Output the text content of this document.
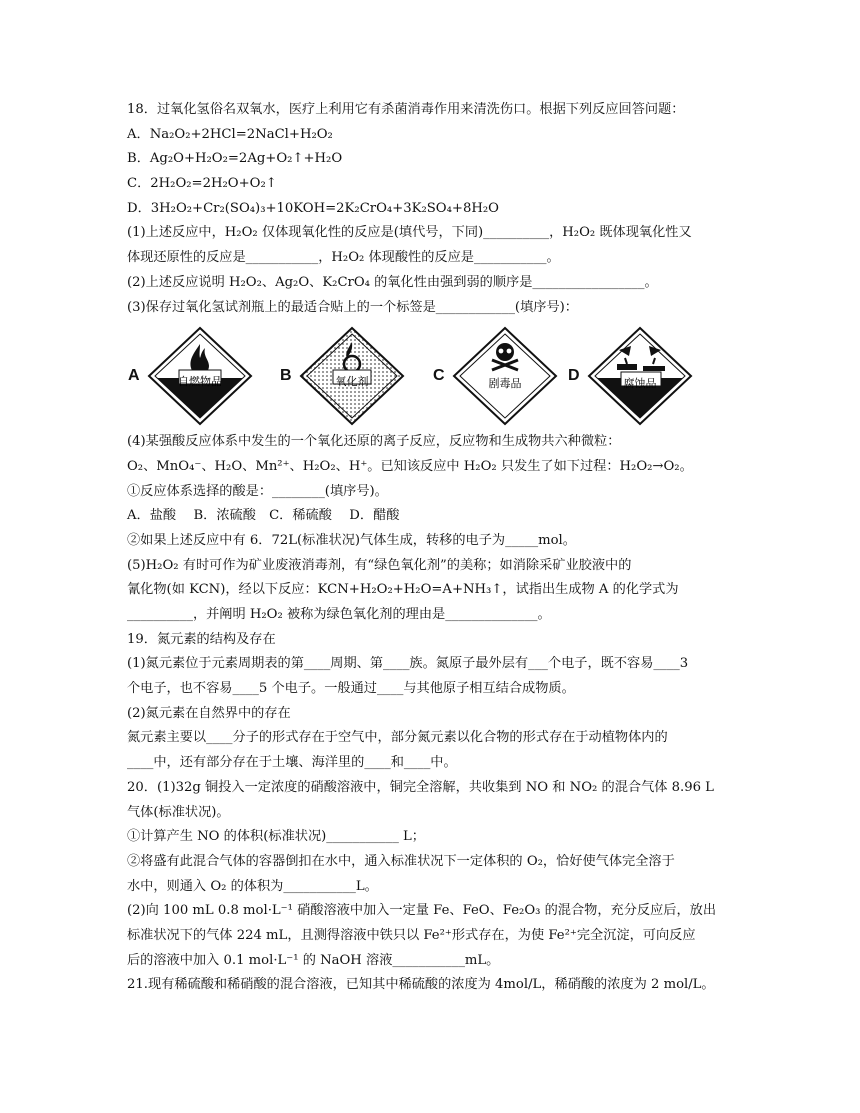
18．过氧化氢俗名双氧水，医疗上利用它有杀菌消毒作用来清洗伤口。根据下列反应回答问题：
A．Na₂O₂+2HCl=2NaCl+H₂O₂
B．Ag₂O+H₂O₂=2Ag+O₂↑+H₂O
C．2H₂O₂=2H₂O+O₂↑
D．3H₂O₂+Cr₂(SO₄)₃+10KOH=2K₂CrO₄+3K₂SO₄+8H₂O
(1)上述反应中，H₂O₂ 仅体现氧化性的反应是(填代号，下同)__________，H₂O₂ 既体现氧化性又
体现还原性的反应是___________，H₂O₂ 体现酸性的反应是___________。
(2)上述反应说明 H₂O₂、Ag₂O、K₂CrO₄ 的氧化性由强到弱的顺序是_________________。
(3)保存过氧化氢试剂瓶上的最适合贴上的一个标签是____________(填序号)：
A	自燃物品	B	氧化剂	C	剧毒品	D	腐蚀品
(4)某强酸反应体系中发生的一个氧化还原的离子反应，反应物和生成物共六种微粒：
O₂、MnO₄⁻、H₂O、Mn²⁺、H₂O₂、H⁺。已知该反应中 H₂O₂ 只发生了如下过程：H₂O₂→O₂。
①反应体系选择的酸是：________(填序号)。
A．盐酸　 B．浓硫酸　C．稀硫酸　 D．醋酸
②如果上述反应中有 6．72L(标准状况)气体生成，转移的电子为_____mol。
(5)H₂O₂ 有时可作为矿业废液消毒剂，有“绿色氧化剂”的美称；如消除采矿业胶液中的
氰化物(如 KCN)，经以下反应：KCN+H₂O₂+H₂O=A+NH₃↑，试指出生成物 A 的化学式为
__________，并阐明 H₂O₂ 被称为绿色氧化剂的理由是______________。
19．氮元素的结构及存在
(1)氮元素位于元素周期表的第____周期、第____族。氮原子最外层有___个电子，既不容易____3
个电子，也不容易____5 个电子。一般通过____与其他原子相互结合成物质。
(2)氮元素在自然界中的存在
氮元素主要以____分子的形式存在于空气中，部分氮元素以化合物的形式存在于动植物体内的
____中，还有部分存在于土壤、海洋里的____和____中。
20．(1)32g 铜投入一定浓度的硝酸溶液中，铜完全溶解，共收集到 NO 和 NO₂ 的混合气体 8.96 L
气体(标准状况)。
①计算产生 NO 的体积(标准状况)___________ L；
②将盛有此混合气体的容器倒扣在水中，通入标准状况下一定体积的 O₂，恰好使气体完全溶于
水中，则通入 O₂ 的体积为___________L。
(2)向 100 mL 0.8 mol·L⁻¹ 硝酸溶液中加入一定量 Fe、FeO、Fe₂O₃ 的混合物，充分反应后，放出
标准状况下的气体 224 mL，且测得溶液中铁只以 Fe²⁺形式存在，为使 Fe²⁺完全沉淀，可向反应
后的溶液中加入 0.1 mol·L⁻¹ 的 NaOH 溶液___________mL。
21.现有稀硫酸和稀硝酸的混合溶液，已知其中稀硫酸的浓度为 4mol/L，稀硝酸的浓度为 2 mol/L。
